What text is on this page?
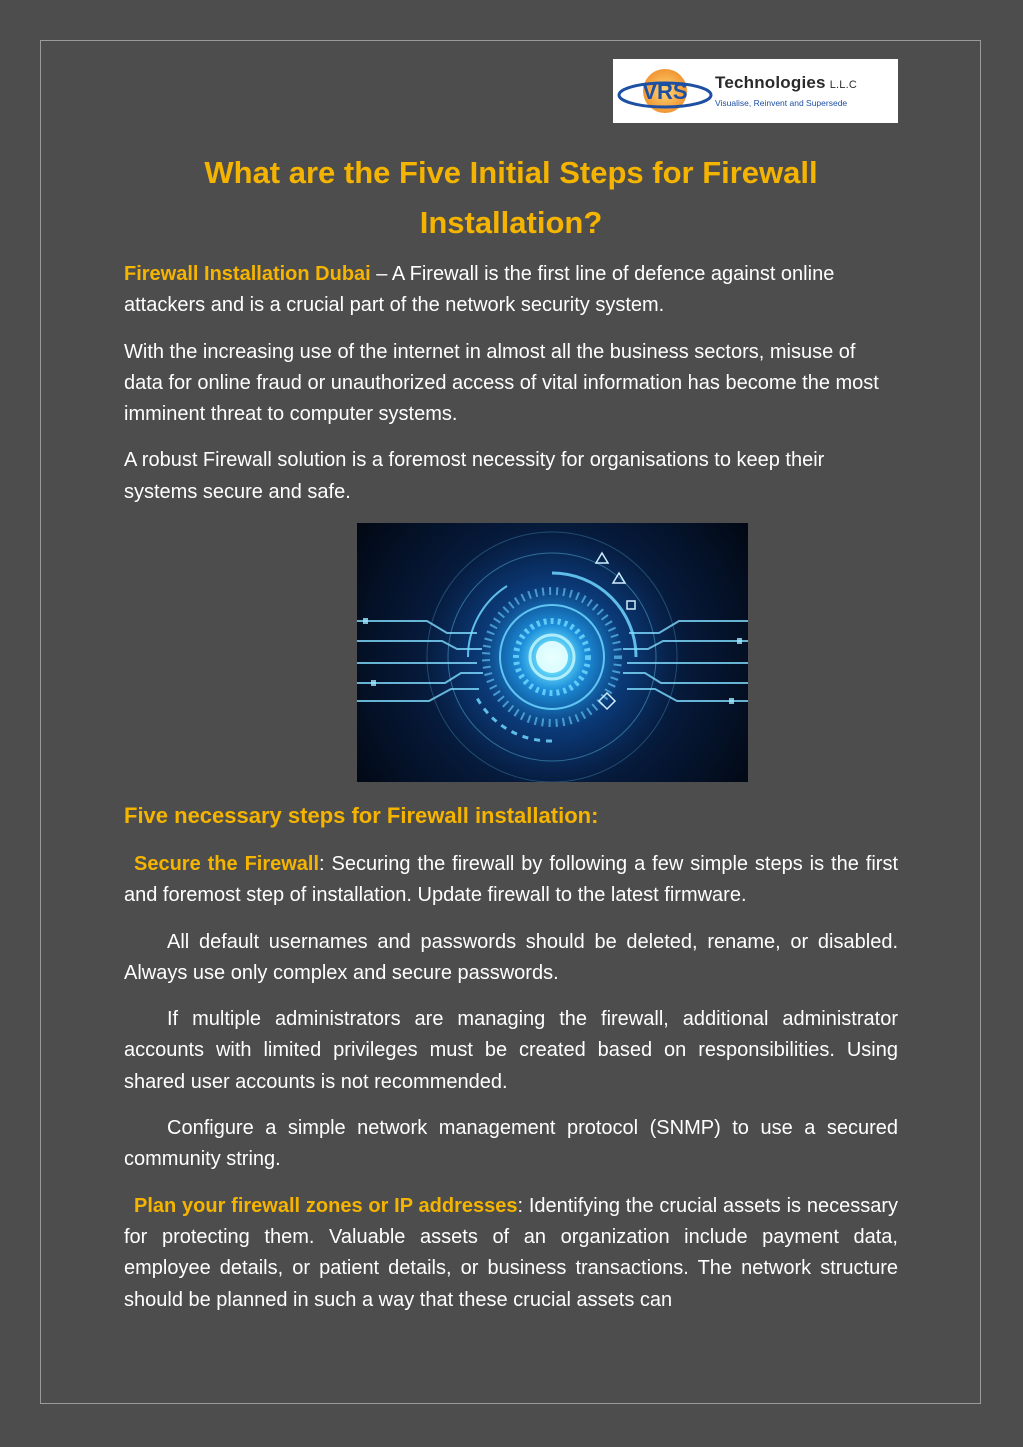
VRS Technologies L.L.C
Visualise, Reinvent and Supersede
What are the Five Initial Steps for Firewall Installation?

Firewall Installation Dubai – A Firewall is the first line of defence against online attackers and is a crucial part of the network security system.

With the increasing use of the internet in almost all the business sectors, misuse of data for online fraud or unauthorized access of vital information has become the most imminent threat to computer systems.

A robust Firewall solution is a foremost necessity for organisations to keep their systems secure and safe.

Five necessary steps for Firewall installation:

Secure the Firewall: Securing the firewall by following a few simple steps is the first and foremost step of installation. Update firewall to the latest firmware.

All default usernames and passwords should be deleted, rename, or disabled. Always use only complex and secure passwords.

If multiple administrators are managing the firewall, additional administrator accounts with limited privileges must be created based on responsibilities. Using shared user accounts is not recommended.

Configure a simple network management protocol (SNMP) to use a secured community string.

Plan your firewall zones or IP addresses: Identifying the crucial assets is necessary for protecting them. Valuable assets of an organization include payment data, employee details, or patient details, or business transactions. The network structure should be planned in such a way that these crucial assets can
